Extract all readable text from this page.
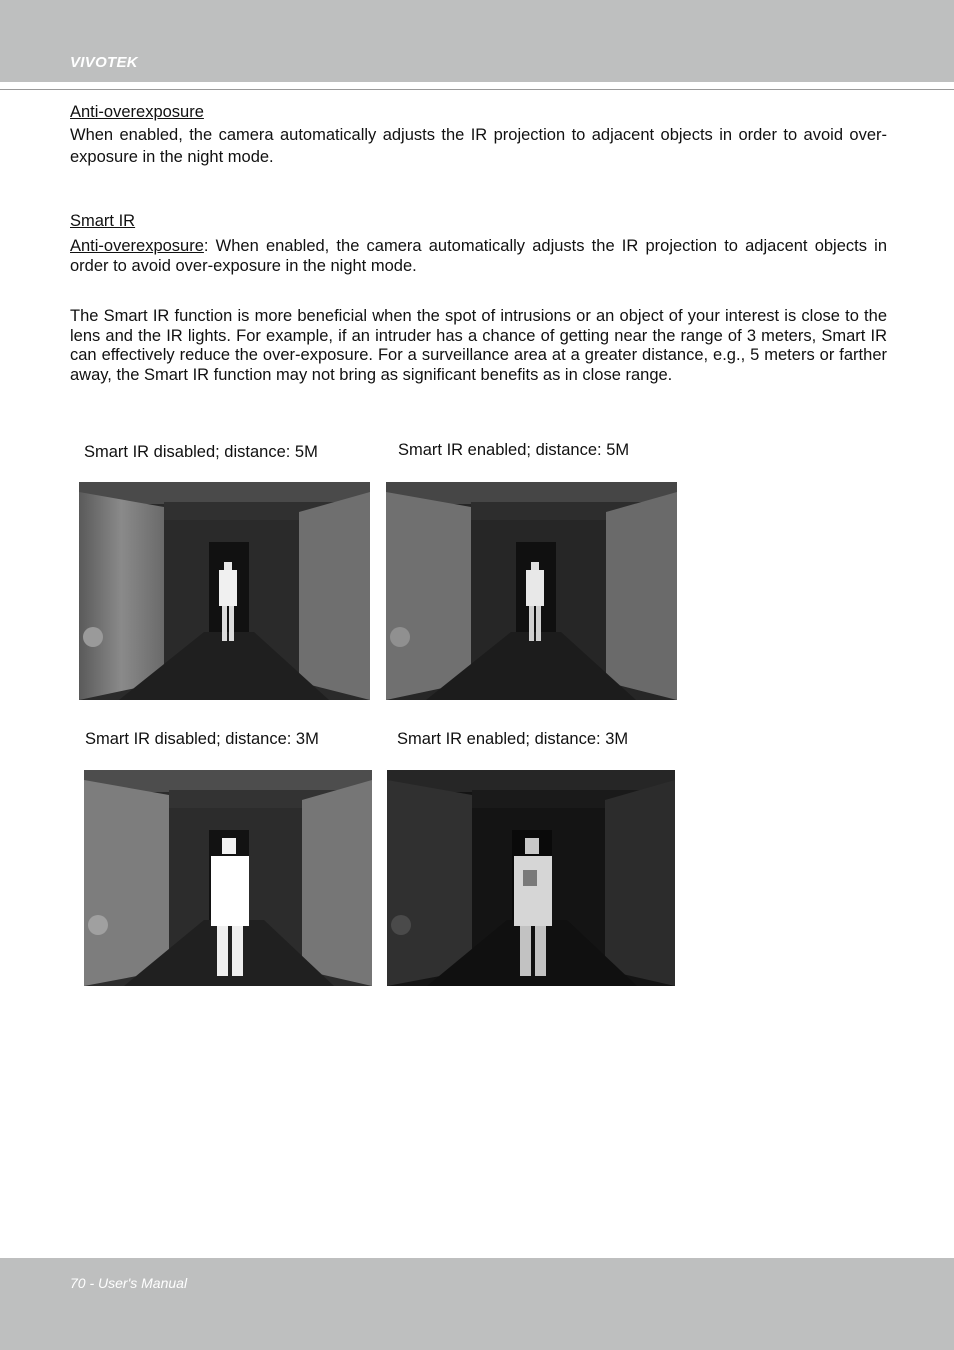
VIVOTEK

Anti-overexposure

When enabled, the camera automatically adjusts the IR projection to adjacent objects in order to avoid over-exposure in the night mode.

Smart IR

Anti-overexposure: When enabled, the camera automatically adjusts the IR projection to adjacent objects in order to avoid over-exposure in the night mode.

The Smart IR function is more beneficial when the spot of intrusions or an object of your interest is close to the lens and the IR lights. For example, if an intruder has a chance of getting near the range of 3 meters, Smart IR can effectively reduce the over-exposure. For a surveillance area at a greater distance, e.g., 5 meters or farther away, the Smart IR function may not bring as significant benefits as in close range.

Smart IR disabled; distance: 5M	Smart IR enabled; distance: 5M
Smart IR disabled; distance: 3M	Smart IR enabled; distance: 3M
70 - User's Manual
